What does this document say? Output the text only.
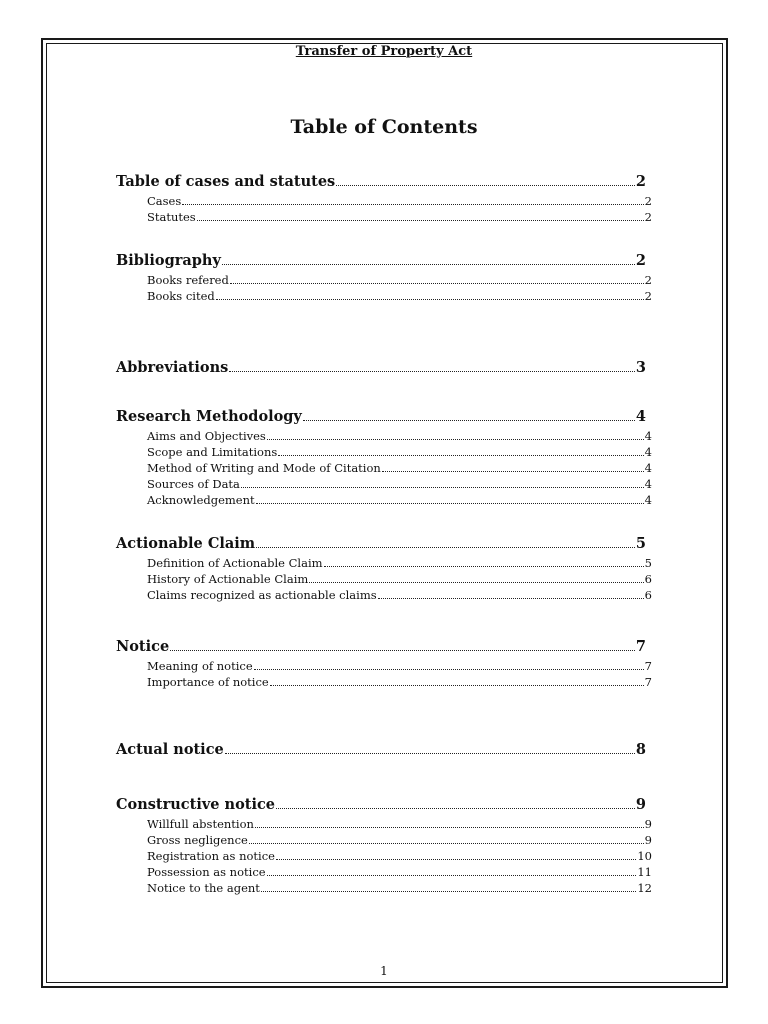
Transfer of Property Act
Table of Contents
Table of cases and statutes	2
Cases	2
Statutes	2
Bibliography	2
Books refered	2
Books cited	2
Abbreviations	3
Research Methodology	4
Aims and Objectives	4
Scope and Limitations	4
Method of Writing and Mode of Citation	4
Sources of Data	4
Acknowledgement	4
Actionable Claim	5
Definition of Actionable Claim	5
History of Actionable Claim	6
Claims recognized as actionable claims	6
Notice	7
Meaning of notice	7
Importance of notice	7
Actual notice	8
Constructive notice	9
Willfull abstention	9
Gross negligence	9
Registration as notice	10
Possession as notice	11
Notice to the agent	12
1
